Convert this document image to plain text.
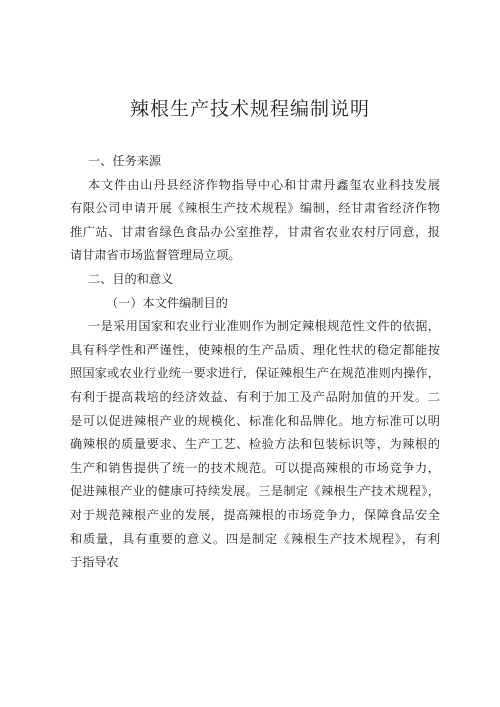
辣根生产技术规程编制说明
一、任务来源
本文件由山丹县经济作物指导中心和甘肃丹鑫玺农业科技发展
有限公司申请开展《辣根生产技术规程》编制，经甘肃省经济作物
推广站、甘肃省绿色食品办公室推荐，甘肃省农业农村厅同意，报
请甘肃省市场监督管理局立项。
二、目的和意义
（一）本文件编制目的
一是采用国家和农业行业准则作为制定辣根规范性文件的依据，
具有科学性和严谨性，使辣根的生产品质、理化性状的稳定都能按
照国家或农业行业统一要求进行，保证辣根生产在规范准则内操作，
有利于提高栽培的经济效益、有利于加工及产品附加值的开发。二
是可以促进辣根产业的规模化、标准化和品牌化。地方标准可以明
确辣根的质量要求、生产工艺、检验方法和包装标识等，为辣根的
生产和销售提供了统一的技术规范。可以提高辣根的市场竞争力，
促进辣根产业的健康可持续发展。三是制定《辣根生产技术规程》，
对于规范辣根产业的发展，提高辣根的市场竞争力，保障食品安全
和质量，具有重要的意义。四是制定《辣根生产技术规程》，有利
于指导农
